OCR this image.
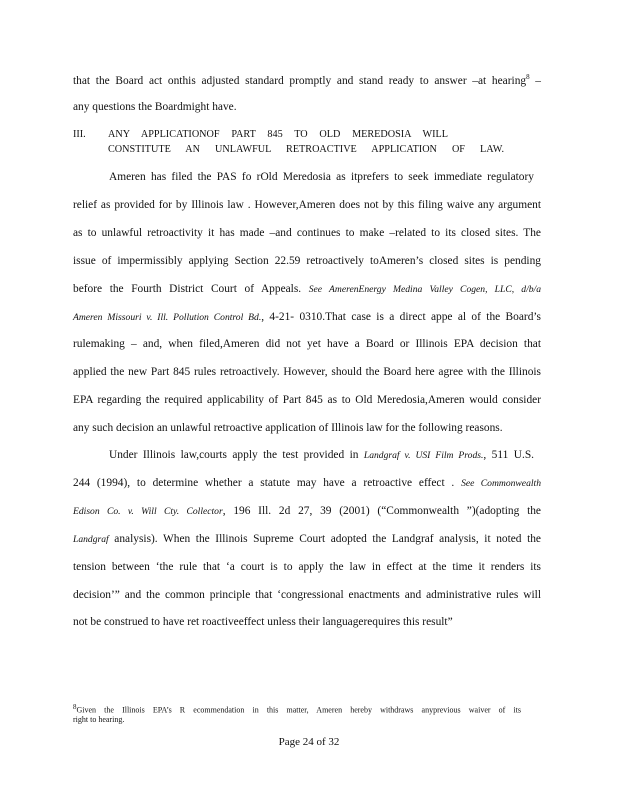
that the Board act onthis adjusted standard promptly and stand ready to answer –at hearing$^8$ –
any questions the Boardmight have.
III. ANY APPLICATIONOF PART 845 TO OLD MEREDOSIA WILL
CONSTITUTE AN UNLAWFUL RETROACTIVE APPLICATION OF LAW.
Ameren has filed the PAS fo rOld Meredosia as itprefers to seek immediate regulatory
relief as provided for by Illinois law . However,Ameren does not by this filing waive any argument
as to unlawful retroactivity it has made –and continues to make –related to its closed sites. The
issue of impermissibly applying Section 22.59 retroactively toAmeren’s closed sites is pending
before the Fourth District Court of Appeals. See AmerenEnergy Medina Valley Cogen, LLC, d/b/a
Ameren Missouri v. Ill. Pollution Control Bd., 4-21- 0310.That case is a direct appe al of the Board’s
rulemaking – and, when filed,Ameren did not yet have a Board or Illinois EPA decision that
applied the new Part 845 rules retroactively. However, should the Board here agree with the Illinois
EPA regarding the required applicability of Part 845 as to Old Meredosia,Ameren would consider
any such decision an unlawful retroactive application of Illinois law for the following reasons.
Under Illinois law,courts apply the test provided in Landgraf v. USI Film Prods., 511 U.S.
244 (1994), to determine whether a statute may have a retroactive effect . See Commonwealth
Edison Co. v. Will Cty. Collector, 196 Ill. 2d 27, 39 (2001) (“Commonwealth ”)(adopting the
Landgraf analysis). When the Illinois Supreme Court adopted the Landgraf analysis, it noted the
tension between ‘the rule that ‘a court is to apply the law in effect at the time it renders its
decision’” and the common principle that ‘congressional enactments and administrative rules will
not be construed to have ret roactiveeffect unless their languagerequires this result”
8Given the Illinois EPA’s R ecommendation in this matter, Ameren hereby withdraws anyprevious waiver of its
right to hearing.
Page 24 of 32
